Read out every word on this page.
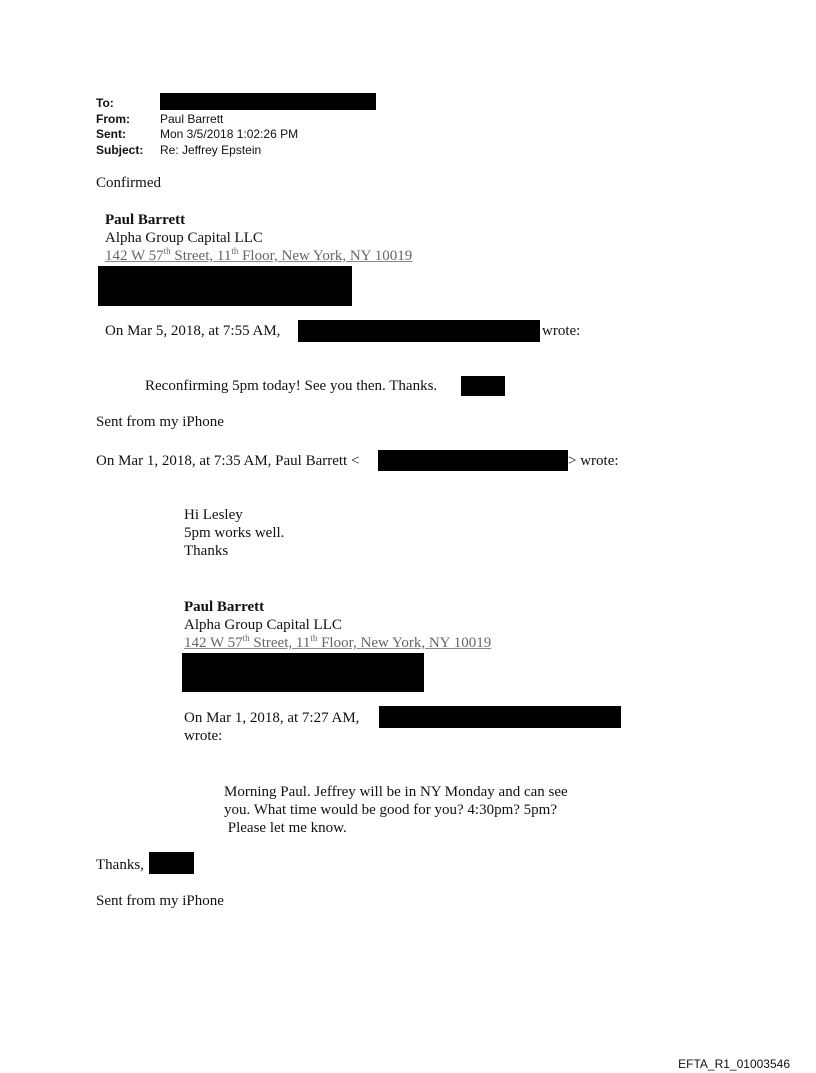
To:
From:	Paul Barrett
Sent:	Mon 3/5/2018 1:02:26 PM
Subject: Re: Jeffrey Epstein
Confirmed
Paul Barrett
Alpha Group Capital LLC
142 W 57th Street, 11th Floor, New York, NY 10019
On Mar 5, 2018, at 7:55 AM,	wrote:
Reconfirming 5pm today! See you then. Thanks.
Sent from my iPhone
On Mar 1, 2018, at 7:35 AM, Paul Barrett <	> wrote:
Hi Lesley
5pm works well.
Thanks
Paul Barrett
Alpha Group Capital LLC
142 W 57th Street, 11th Floor, New York, NY 10019
On Mar 1, 2018, at 7:27 AM,
wrote:
Morning Paul. Jeffrey will be in NY Monday and can see
you. What time would be good for you? 4:30pm? 5pm?
Please let me know.
Thanks,
Sent from my iPhone
EFTA_R1_01003546
